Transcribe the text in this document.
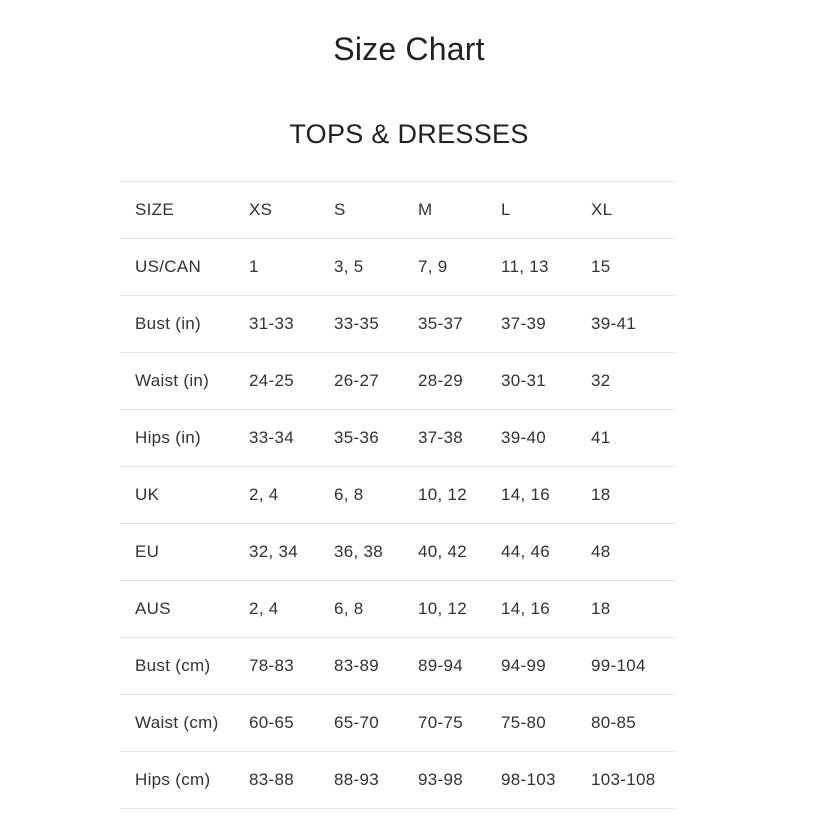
Size Chart
TOPS & DRESSES
SIZE	XS	S	M	L	XL
US/CAN	1	3, 5	7, 9	11, 13	15
Bust (in)	31-33	33-35	35-37	37-39	39-41
Waist (in)	24-25	26-27	28-29	30-31	32
Hips (in)	33-34	35-36	37-38	39-40	41
UK	2, 4	6, 8	10, 12	14, 16	18
EU	32, 34	36, 38	40, 42	44, 46	48
AUS	2, 4	6, 8	10, 12	14, 16	18
Bust (cm)	78-83	83-89	89-94	94-99	99-104
Waist (cm)	60-65	65-70	70-75	75-80	80-85
Hips (cm)	83-88	88-93	93-98	98-103	103-108
